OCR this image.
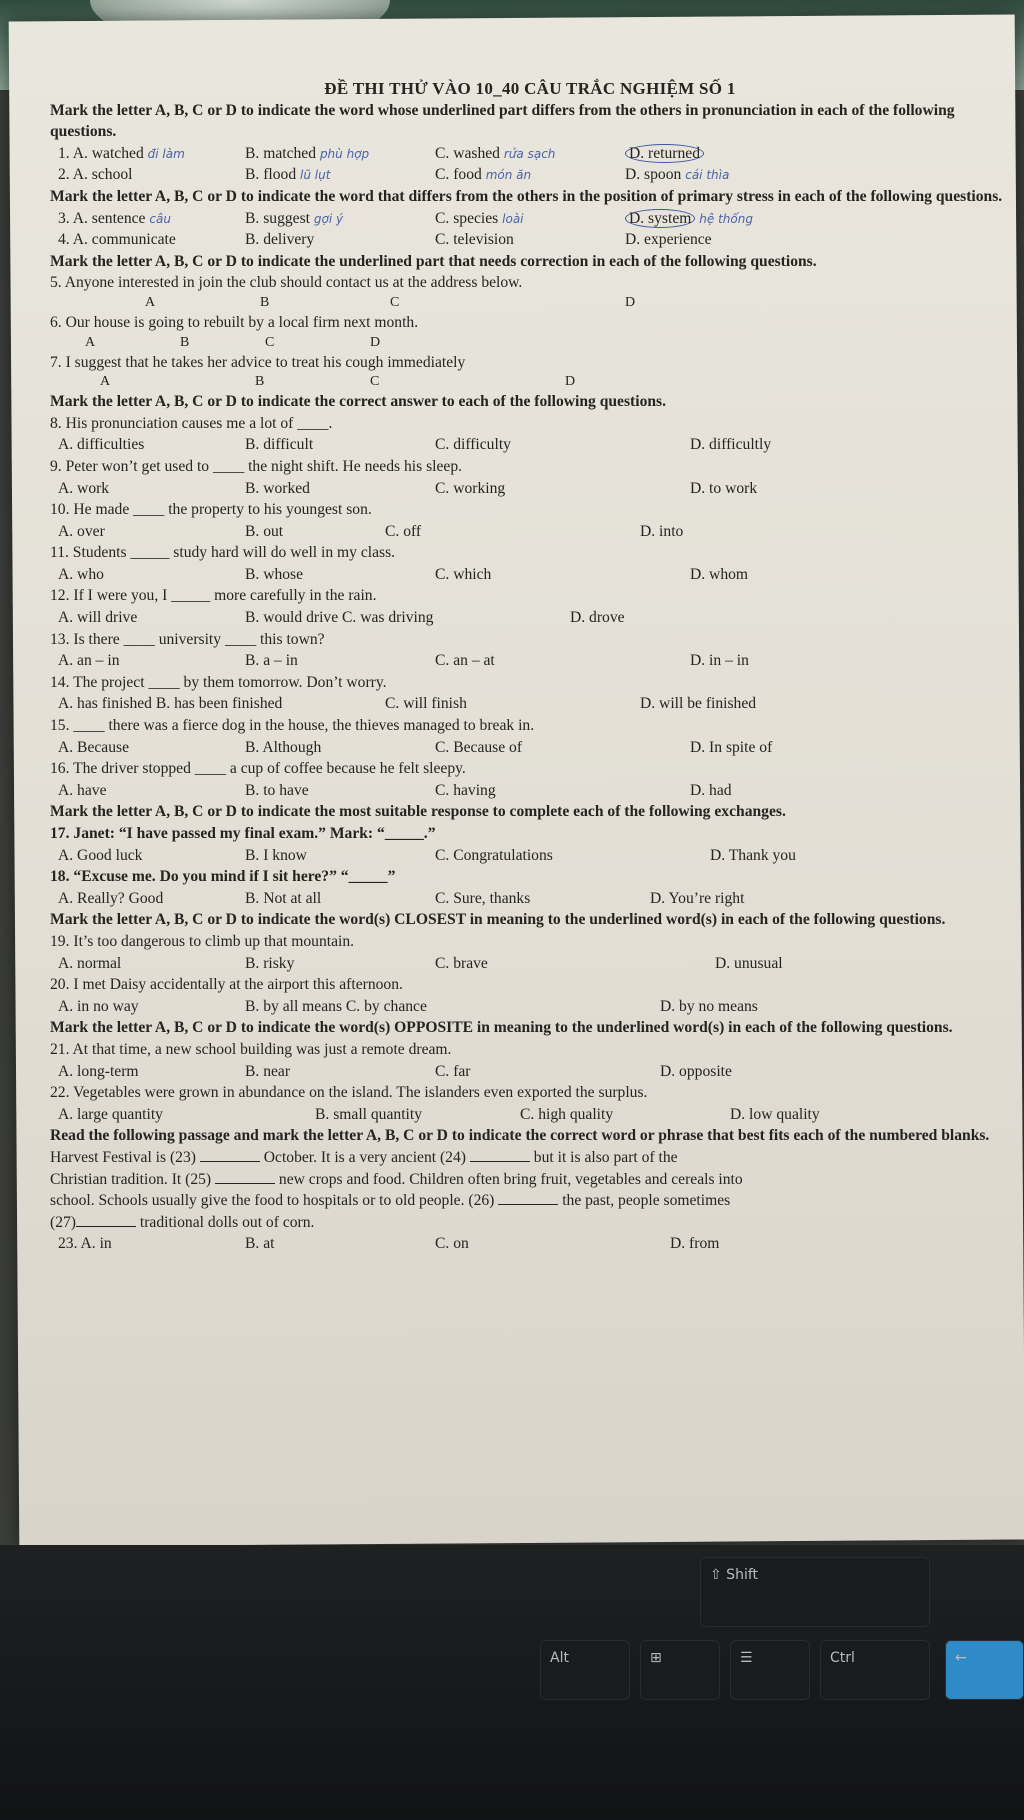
ĐỀ THI THỬ VÀO 10_40 CÂU TRẮC NGHIỆM SỐ 1
Mark the letter A, B, C or D to indicate the word whose underlined part differs from the others in pronunciation in each of the following questions.
1. A. watched đi làm	B. matched phù hợp	C. washed rửa sạch	D. returned
2. A. school	B. flood lũ lụt	C. food món ăn	D. spoon cái thìa
Mark the letter A, B, C or D to indicate the word that differs from the others in the position of primary stress in each of the following questions.
3. A. sentence câu	B. suggest gợi ý	C. species loài	D. system hệ thống
4. A. communicate	B. delivery	C. television	D. experience
Mark the letter A, B, C or D to indicate the underlined part that needs correction in each of the following questions.
5. Anyone interested in join the club should contact us at the address below.
A	B	C	D
6. Our house is going to rebuilt by a local firm next month.
A	B	C	D
7. I suggest that he takes her advice to treat his cough immediately
A	B	C	D
Mark the letter A, B, C or D to indicate the correct answer to each of the following questions.
8. His pronunciation causes me a lot of ____.
A. difficulties	B. difficult	C. difficulty	D. difficultly
9. Peter won’t get used to ____ the night shift. He needs his sleep.
A. work	B. worked	C. working	D. to work
10. He made ____ the property to his youngest son.
A. over	B. out	C. off	D. into
11. Students _____ study hard will do well in my class.
A. who	B. whose	C. which	D. whom
12. If I were you, I _____ more carefully in the rain.
A. will drive	B. would drive C. was driving	D. drove
13. Is there ____ university ____ this town?
A. an – in	B. a – in	C. an – at	D. in – in
14. The project ____ by them tomorrow. Don’t worry.
A. has finished B. has been finished	C. will finish	D. will be finished
15. ____ there was a fierce dog in the house, the thieves managed to break in.
A. Because	B. Although	C. Because of	D. In spite of
16. The driver stopped ____ a cup of coffee because he felt sleepy.
A. have	B. to have	C. having	D. had
Mark the letter A, B, C or D to indicate the most suitable response to complete each of the following exchanges.
17. Janet: “I have passed my final exam.” Mark: “_____.”
A. Good luck	B. I know	C. Congratulations	D. Thank you
18. “Excuse me. Do you mind if I sit here?” “_____”
A. Really? Good	B. Not at all	C. Sure, thanks	D. You’re right
Mark the letter A, B, C or D to indicate the word(s) CLOSEST in meaning to the underlined word(s) in each of the following questions.
19. It’s too dangerous to climb up that mountain.
A. normal	B. risky	C. brave	D. unusual
20. I met Daisy accidentally at the airport this afternoon.
A. in no way	B. by all means C. by chance	D. by no means
Mark the letter A, B, C or D to indicate the word(s) OPPOSITE in meaning to the underlined word(s) in each of the following questions.
21. At that time, a new school building was just a remote dream.
A. long-term	B. near	C. far	D. opposite
22. Vegetables were grown in abundance on the island. The islanders even exported the surplus.
A. large quantity	B. small quantity	C. high quality	D. low quality
Read the following passage and mark the letter A, B, C or D to indicate the correct word or phrase that best fits each of the numbered blanks.
Harvest Festival is (23)	October. It is a very ancient (24)	but it is also part of the
Christian tradition. It (25)	new crops and food. Children often bring fruit, vegetables and cereals into
school. Schools usually give the food to hospitals or to old people. (26)	the past, people sometimes
(27)	traditional dolls out of corn.
23. A. in	B. at	C. on	D. from
⇧ Shift
Alt	⊞	☰	Ctrl	←
